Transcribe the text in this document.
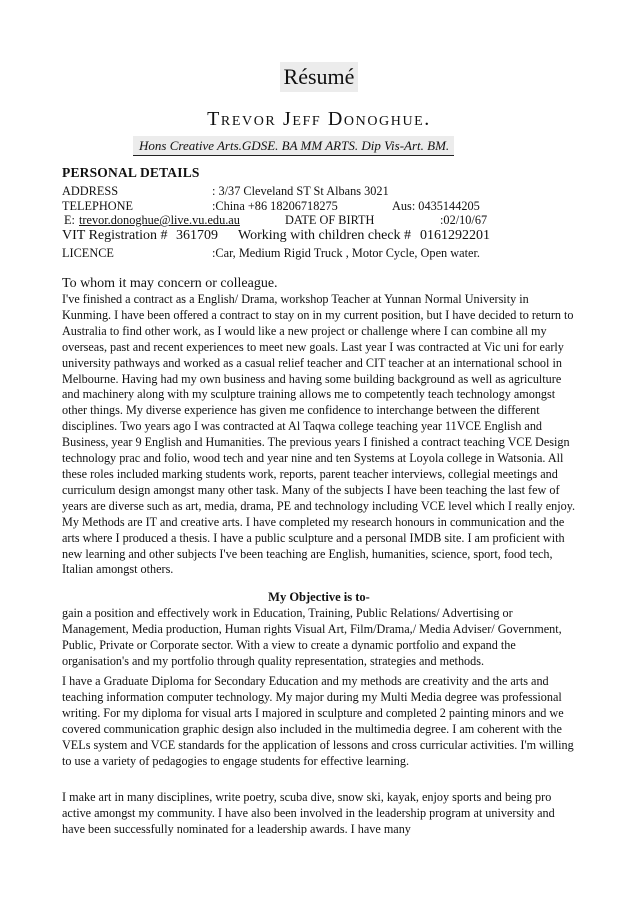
Résumé
Trevor Jeff Donoghue.
Hons Creative Arts.GDSE. BA MM ARTS. Dip Vis-Art. BM.
PERSONAL DETAILS
ADDRESS	: 3/37 Cleveland ST St Albans 3021
TELEPHONE	:China +86 18206718275	Aus: 0435144205
E: trevor.donoghue@live.vu.edu.au	DATE OF BIRTH	:02/10/67
VIT Registration # 361709 Working with children check # 0161292201
LICENCE	:Car, Medium Rigid Truck , Motor Cycle, Open water.
To whom it may concern or colleague.

I've finished a contract as a English/ Drama, workshop Teacher at Yunnan Normal University in Kunming. I have been offered a contract to stay on in my current position, but I have decided to return to Australia to find other work, as I would like a new project or challenge where I can combine all my overseas, past and recent experiences to meet new goals. Last year I was contracted at Vic uni for early university pathways and worked as a casual relief teacher and CIT teacher at an international school in Melbourne. Having had my own business and having some building background as well as agriculture and machinery along with my sculpture training allows me to competently teach technology amongst other things. My diverse experience has given me confidence to interchange between the different disciplines. Two years ago I was contracted at Al Taqwa college teaching year 11VCE English and Business, year 9 English and Humanities. The previous years I finished a contract teaching VCE Design technology prac and folio, wood tech and year nine and ten Systems at Loyola college in Watsonia. All these roles included marking students work, reports, parent teacher interviews, collegial meetings and curriculum design amongst many other task. Many of the subjects I have been teaching the last few of years are diverse such as art, media, drama, PE and technology including VCE level which I really enjoy. My Methods are IT and creative arts. I have completed my research honours in communication and the arts where I produced a thesis. I have a public sculpture and a personal IMDB site. I am proficient with new learning and other subjects I've been teaching are English, humanities, science, sport, food tech, Italian amongst others.

My Objective is to-

gain a position and effectively work in Education, Training, Public Relations/ Advertising or Management, Media production, Human rights Visual Art, Film/Drama,/ Media Adviser/ Government, Public, Private or Corporate sector. With a view to create a dynamic portfolio and expand the organisation's and my portfolio through quality representation, strategies and methods.

I have a Graduate Diploma for Secondary Education and my methods are creativity and the arts and teaching information computer technology. My major during my Multi Media degree was professional writing. For my diploma for visual arts I majored in sculpture and completed 2 painting minors and we covered communication graphic design also included in the multimedia degree. I am coherent with the VELs system and VCE standards for the application of lessons and cross curricular activities. I'm willing to use a variety of pedagogies to engage students for effective learning.

I make art in many disciplines, write poetry, scuba dive, snow ski, kayak, enjoy sports and being pro active amongst my community. I have also been involved in the leadership program at university and have been successfully nominated for a leadership awards. I have many
